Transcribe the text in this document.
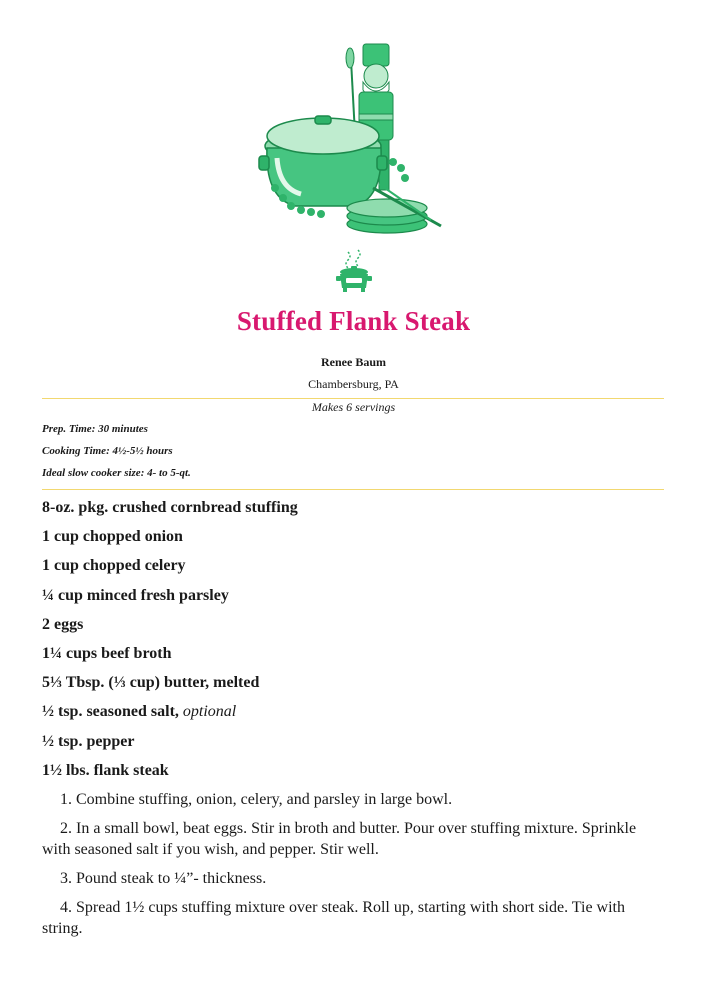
Stuffed Flank Steak
Renee Baum
Chambersburg, PA
Makes 6 servings
Prep. Time: 30 minutes
Cooking Time: 4½-5½ hours
Ideal slow cooker size: 4- to 5-qt.
8-oz. pkg. crushed cornbread stuffing
1 cup chopped onion
1 cup chopped celery
¼ cup minced fresh parsley
2 eggs
1¼ cups beef broth
5⅓ Tbsp. (⅓ cup) butter, melted
½ tsp. seasoned salt, optional
½ tsp. pepper
1½ lbs. flank steak
1. Combine stuffing, onion, celery, and parsley in large bowl.
2. In a small bowl, beat eggs. Stir in broth and butter. Pour over stuffing mixture. Sprinkle with seasoned salt if you wish, and pepper. Stir well.
3. Pound steak to ¼”- thickness.
4. Spread 1½ cups stuffing mixture over steak. Roll up, starting with short side. Tie with string.
